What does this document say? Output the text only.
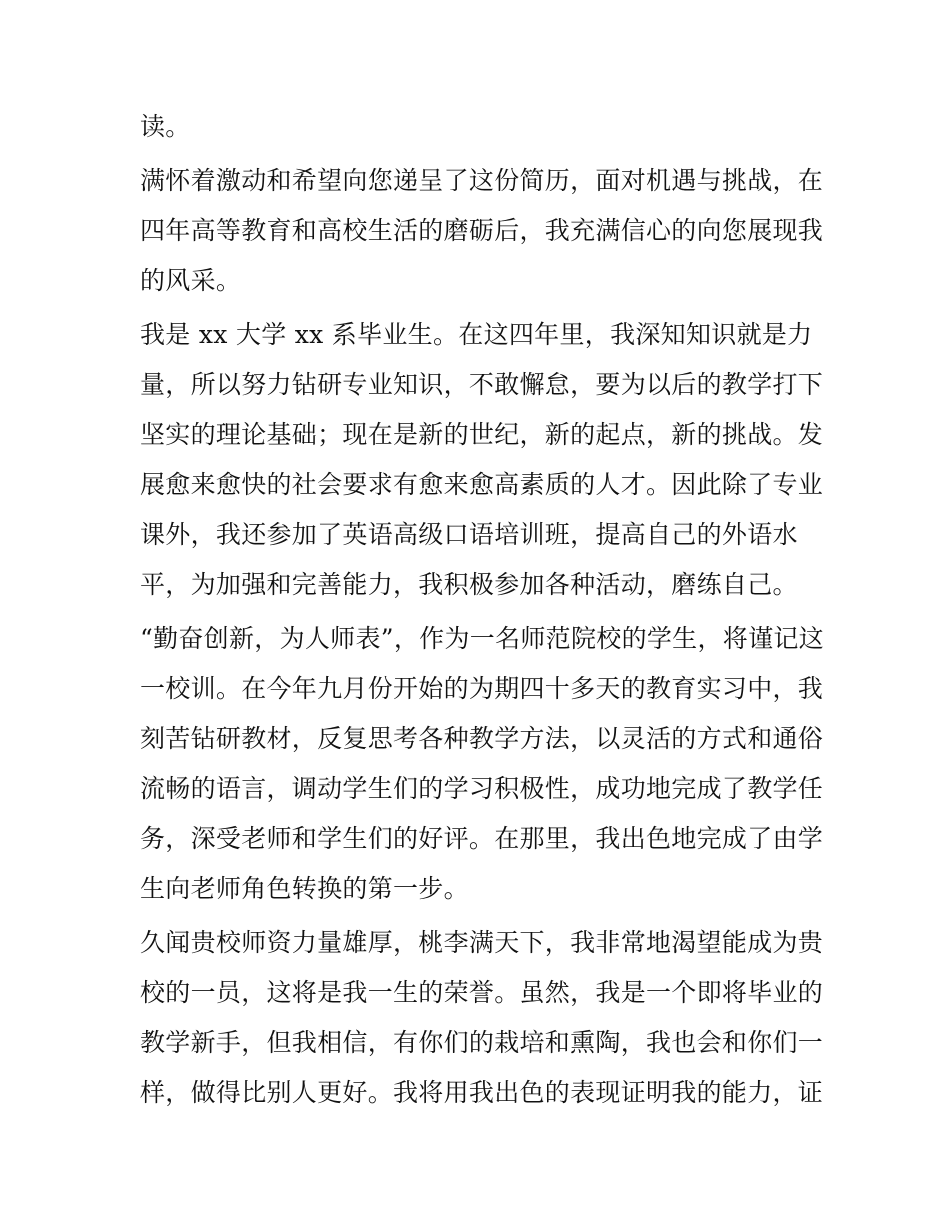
读。
满怀着激动和希望向您递呈了这份简历，面对机遇与挑战，在
四年高等教育和高校生活的磨砺后，我充满信心的向您展现我
的风采。
我是 xx 大学 xx 系毕业生。在这四年里，我深知知识就是力
量，所以努力钻研专业知识，不敢懈怠，要为以后的教学打下
坚实的理论基础；现在是新的世纪，新的起点，新的挑战。发
展愈来愈快的社会要求有愈来愈高素质的人才。因此除了专业
课外，我还参加了英语高级口语培训班，提高自己的外语水
平，为加强和完善能力，我积极参加各种活动，磨练自己。
“勤奋创新，为人师表”，作为一名师范院校的学生，将谨记这
一校训。在今年九月份开始的为期四十多天的教育实习中，我
刻苦钻研教材，反复思考各种教学方法，以灵活的方式和通俗
流畅的语言，调动学生们的学习积极性，成功地完成了教学任
务，深受老师和学生们的好评。在那里，我出色地完成了由学
生向老师角色转换的第一步。
久闻贵校师资力量雄厚，桃李满天下，我非常地渴望能成为贵
校的一员，这将是我一生的荣誉。虽然，我是一个即将毕业的
教学新手，但我相信，有你们的栽培和熏陶，我也会和你们一
样，做得比别人更好。我将用我出色的表现证明我的能力，证
